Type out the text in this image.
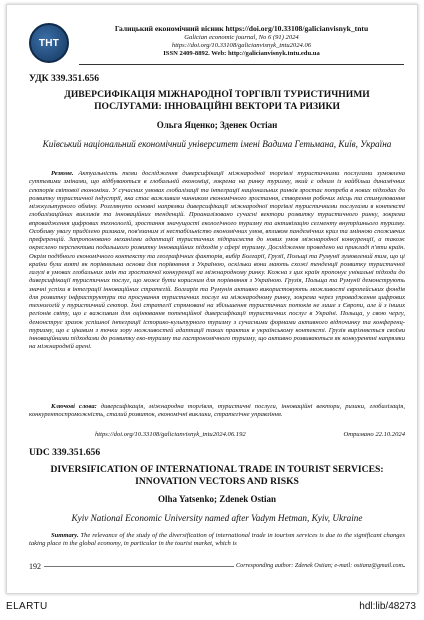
ТНТ
Галицький економічний вісник https://doi.org/10.33108/galicianvisnyk_tntu
Galician economic journal, No 6 (91) 2024
https://doi.org/10.33108/galicianvisnyk_tntu2024.06
ISSN 2409-8892. Web: http://galicianvisnyk.tntu.edu.ua
УДК 339.351.656
ДИВЕРСИФІКАЦІЯ МІЖНАРОДНОЇ ТОРГІВЛІ ТУРИСТИЧНИМИ ПОСЛУГАМИ: ІННОВАЦІЙНІ ВЕКТОРИ ТА РИЗИКИ
Ольга Яценко; Зденек Остіан
Київський національний економічний університет імені Вадима Гетьмана, Київ, Україна
Резюме. Актуальність теми дослідження диверсифікації міжнародної торгівлі туристичними послугами зумовлена суттєвими змінами, що відбуваються в глобальній економіці, зокрема на ринку туризму, який є одним із найбільш динамічних секторів світової економіки. У сучасних умовах глобалізації та інтеграції національних ринків зростає потреба в нових підходах до розвитку туристичної індустрії, яка стає важливим чинником економічного зростання, створення робочих місць та стимулювання міжкультурного обміну. Розглянуто основні напрямки диверсифікації міжнародної торгівлі туристичними послугами в контексті глобалізаційних викликів та інноваційних тенденцій. Проаналізовано сучасні вектори розвитку туристичного ринку, зокрема впровадження цифрових технологій, зростання значущості екологічного туризму та активізацію сегменту внутрішнього туризму. Особливу увагу приділено ризикам, пов'язаним зі нестабільністю економічних умов, впливом пандемічних криз та змінною споживчих преференцій. Запропоновано механізми адаптації туристичних підприємств до нових умов міжнародної конкуренції, а також окреслено перспективи подальшого розвитку інноваційних підходів у сфері туризму. Дослідження проведено на прикладі п'яти країн. Окрім подібного економічного контексту та географічних факторів, вибір Болгарії, Грузії, Польщі та Румунії зумовлений тим, що ці країни були взяті як порівняльна основа для порівняння з Україною, оскільки вони мають схожі тенденції розвитку туристичної галузі в умовах глобальних змін та зростаючої конкуренції на міжнародному ринку. Кожна з цих країн пропонує унікальні підходи до диверсифікації туристичних послуг, що може бути корисним для порівняння з Україною. Грузія, Польща та Румунії демонструють значні успіхи в інтеграції інноваційних стратегій. Болгарія та Румунія активно використовують можливості європейських фондів для розвитку інфраструктури та просування туристичних послуг на міжнародному ринку, зокрема через упровадження цифрових технологій у туристичний сектор. Їхні стратегії спрямовані на збільшення туристичних потоків не лише з Європи, але й з інших регіонів світу, що є важливим для оцінювання потенційної диверсифікації туристичних послуг в Україні. Польща, у свою чергу, демонструє зразок успішної інтеграції історико-культурного туризму з сучасними формами активного відпочинку та конференц-туризму, що є цікавим з точки зору можливостей адаптації таких практик в українському контексті. Грузія вирізняється своїми інноваційними підходами до розвитку еко-туризму та гастрономічного туризму, що активно розвиваються як конкурентні напрямки на міжнародній арені.
Ключові слова: диверсифікація, міжнародна торгівля, туристичні послуги, інноваційні вектори, ризики, глобалізація, конкурентоспроможність, сталий розвиток, економічні виклики, стратегічне управління.
https://doi.org/10.33108/galicianvisnyk_tntu2024.06.192	Отримано 22.10.2024
UDC 339.351.656
DIVERSIFICATION OF INTERNATIONAL TRADE IN TOURIST SERVICES: INNOVATION VECTORS AND RISKS
Olha Yatsenko; Zdenek Ostian
Kyiv National Economic University named after Vadym Hetman, Kyiv, Ukraine
Summary. The relevance of the study of the diversification of international trade in tourism services is due to the significant changes taking place in the global economy, in particular in the tourist market, which is
192	Corresponding author: Zdenek Ostian; e-mail: ostianz@gmail.com
ELARTU	hdl:lib/48273
